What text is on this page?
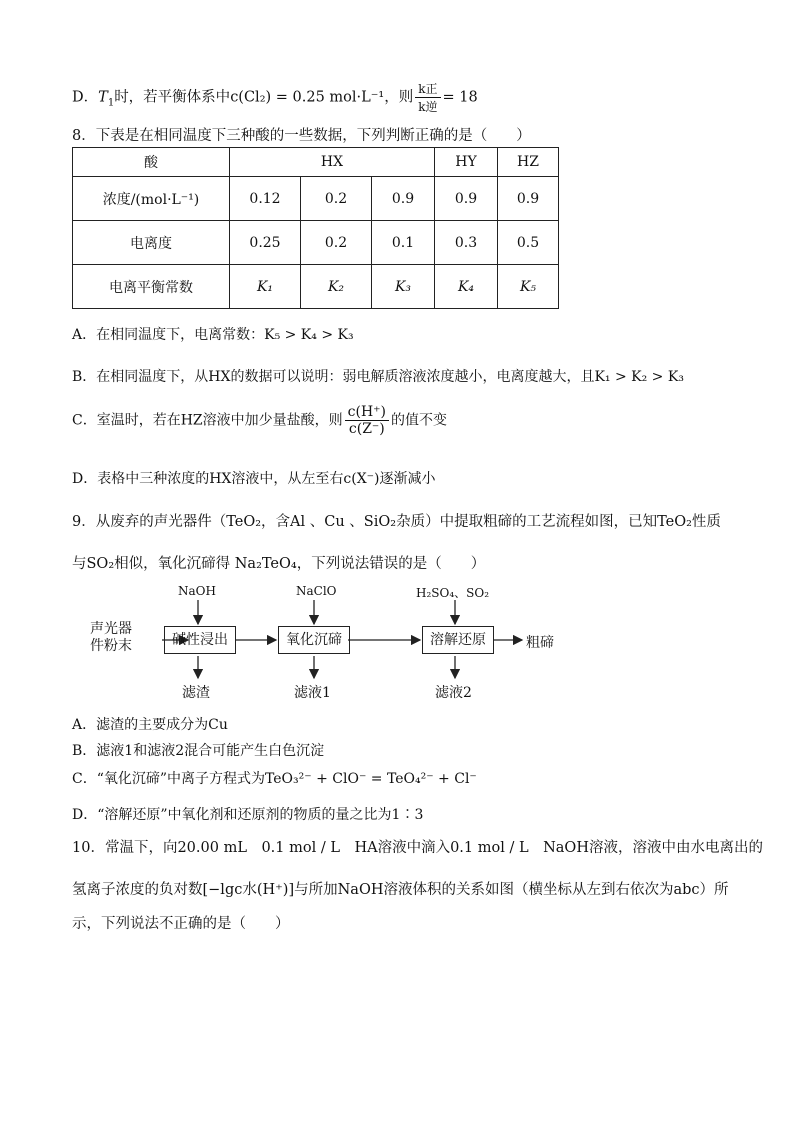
D．$T_1$时，若平衡体系中c(Cl₂) = 0.25 mol·L⁻¹，则 $\frac{\text{k正}}{\text{k逆}} = 18$
8．下表是在相同温度下三种酸的一些数据，下列判断正确的是（　　）
酸	HX			HY	HZ
浓度/(mol·L⁻¹)	0.12	0.2	0.9	0.9	0.9
电离度	0.25	0.2	0.1	0.3	0.5
电离平衡常数	K₁	K₂	K₃	K₄	K₅
A．在相同温度下，电离常数：K₅ > K₄ > K₃
B．在相同温度下，从HX的数据可以说明：弱电解质溶液浓度越小，电离度越大，且K₁ > K₂ > K₃
C．室温时，若在HZ溶液中加少量盐酸，则 $\frac{c(H^+)}{c(Z^-)}$ 的值不变
D．表格中三种浓度的HX溶液中，从左至右c(X⁻)逐渐减小
9．从废弃的声光器件（TeO₂，含Al 、Cu 、SiO₂杂质）中提取粗碲的工艺流程如图，已知TeO₂性质
与SO₂相似，氧化沉碲得 Na₂TeO₄，下列说法错误的是（　　）
声光器
件粉末	碱性浸出	氧化沉碲	溶解还原	粗碲
NaOH	NaClO	H₂SO₄、SO₂
滤渣	滤液1	滤液2
A．滤渣的主要成分为Cu
B．滤液1和滤液2混合可能产生白色沉淀
C．“氧化沉碲”中离子方程式为TeO₃²⁻ + ClO⁻ = TeO₄²⁻ + Cl⁻
D．“溶解还原”中氧化剂和还原剂的物质的量之比为1∶3
10．常温下，向20.00 mL　0.1 mol / L　HA溶液中滴入0.1 mol / L　NaOH溶液，溶液中由水电离出的
氢离子浓度的负对数[−lgc水(H⁺)]与所加NaOH溶液体积的关系如图（横坐标从左到右依次为abc）所
示，下列说法不正确的是（　　）
